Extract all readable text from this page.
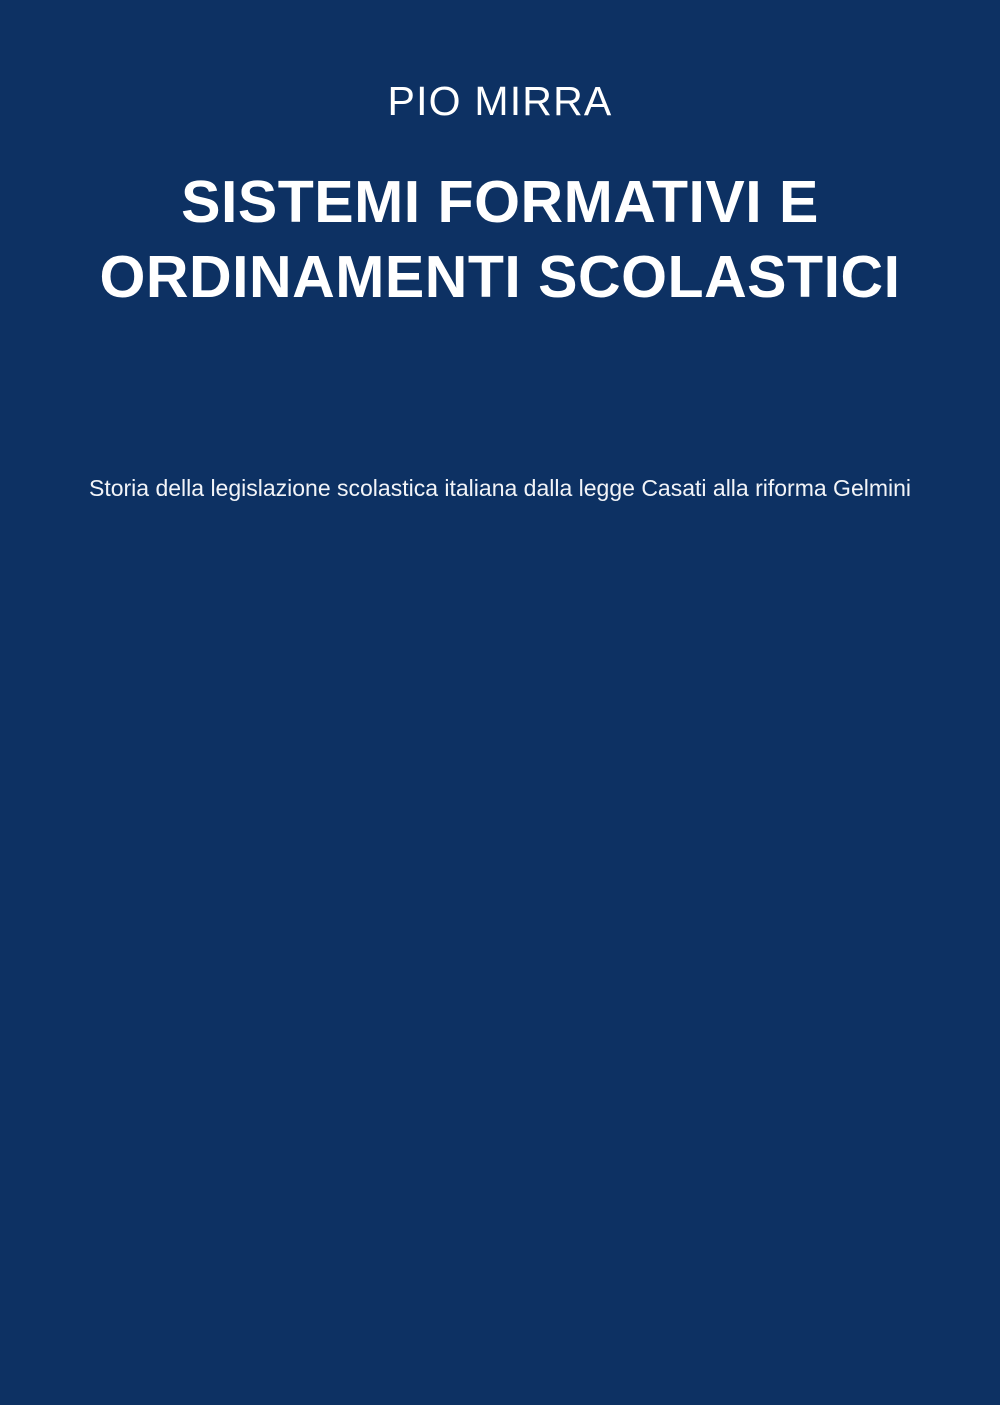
PIO MIRRA
SISTEMI FORMATIVI E
ORDINAMENTI SCOLASTICI
Storia della legislazione scolastica italiana dalla legge Casati alla riforma Gelmini
